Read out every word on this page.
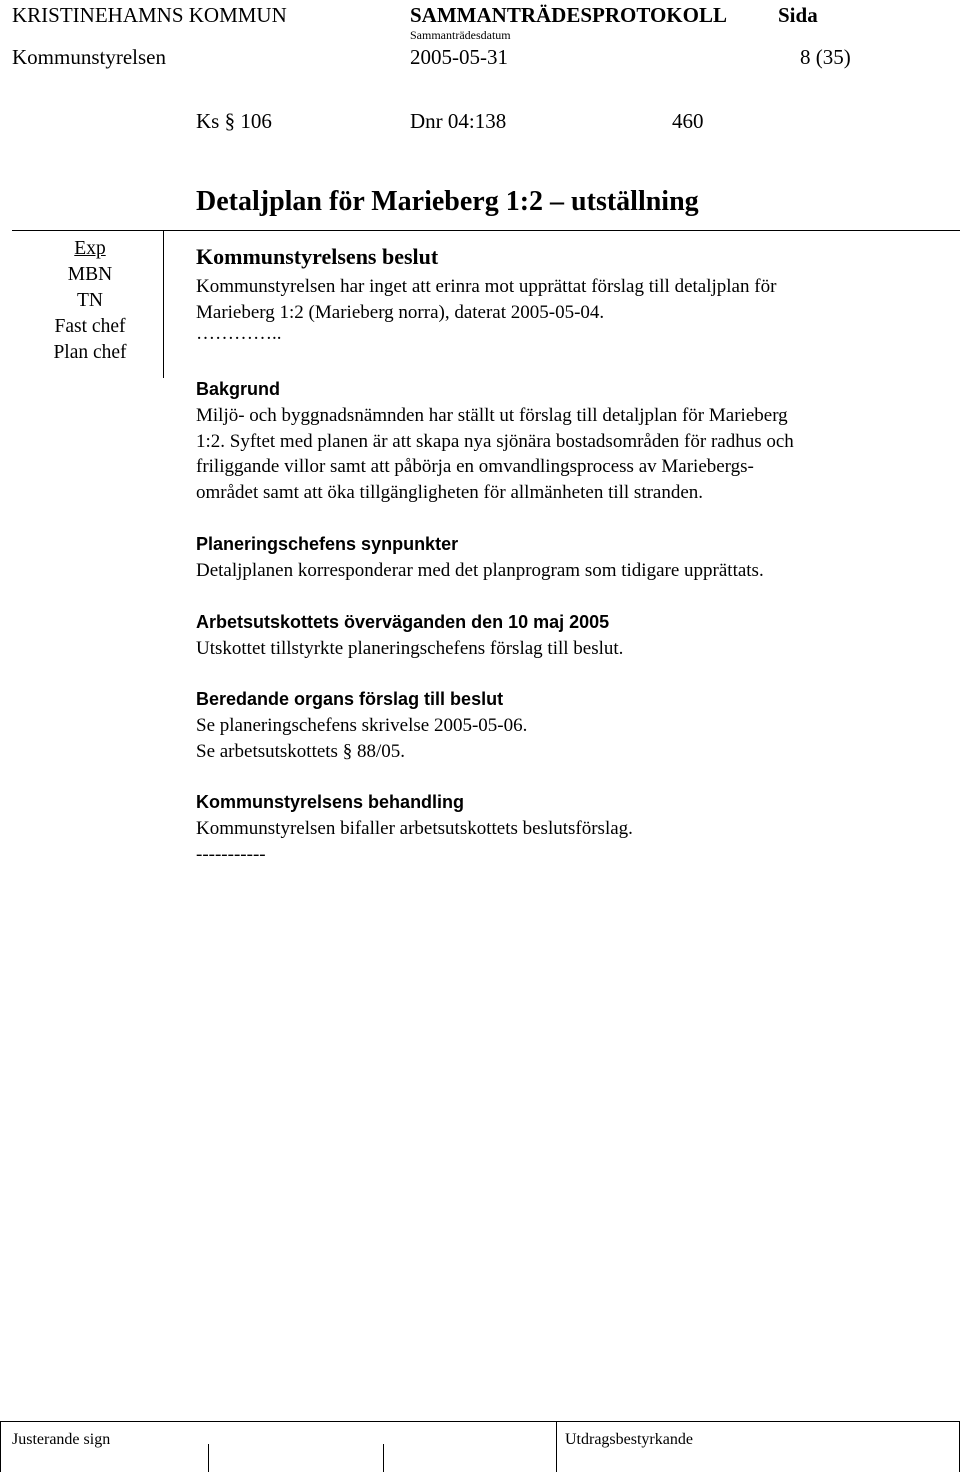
KRISTINEHAMNS KOMMUN	SAMMANTRÄDESPROTOKOLL Sida
Sammanträdesdatum
Kommunstyrelsen	2005-05-31	8 (35)
Ks § 106	Dnr 04:138	460
Detaljplan för Marieberg 1:2 – utställning
Exp
MBN
TN
Fast chef
Plan chef
Kommunstyrelsens beslut

Kommunstyrelsen har inget att erinra mot upprättat förslag till detaljplan för

Marieberg 1:2 (Marieberg norra), daterat 2005-05-04.

…………..

Bakgrund

Miljö- och byggnadsnämnden har ställt ut förslag till detaljplan för Marieberg

1:2. Syftet med planen är att skapa nya sjönära bostadsområden för radhus och

friliggande villor samt att påbörja en omvandlingsprocess av Mariebergs-

området samt att öka tillgängligheten för allmänheten till stranden.

Planeringschefens synpunkter

Detaljplanen korresponderar med det planprogram som tidigare upprättats.

Arbetsutskottets överväganden den 10 maj 2005

Utskottet tillstyrkte planeringschefens förslag till beslut.

Beredande organs förslag till beslut

Se planeringschefens skrivelse 2005-05-06.

Se arbetsutskottets § 88/05.

Kommunstyrelsens behandling

Kommunstyrelsen bifaller arbetsutskottets beslutsförslag.

-----------

Justerande sign	Utdragsbestyrkande
